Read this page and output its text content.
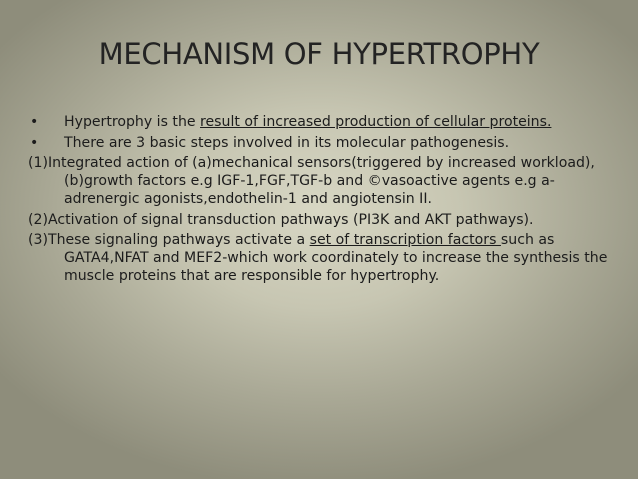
MECHANISM OF HYPERTROPHY
• Hypertrophy is the result of increased production of cellular proteins.
• There are 3 basic steps involved in its molecular pathogenesis.
(1)Integrated action of (a)mechanical sensors(triggered by increased workload),(b)growth factors e.g IGF-1,FGF,TGF-b and ©vasoactive agents e.g a-adrenergic agonists,endothelin-1 and angiotensin II.
(2)Activation of signal transduction pathways (PI3K and AKT pathways).
(3)These signaling pathways activate a set of transcription factors such as GATA4,NFAT and MEF2-which work coordinately to increase the synthesis the muscle proteins that are responsible for hypertrophy.
